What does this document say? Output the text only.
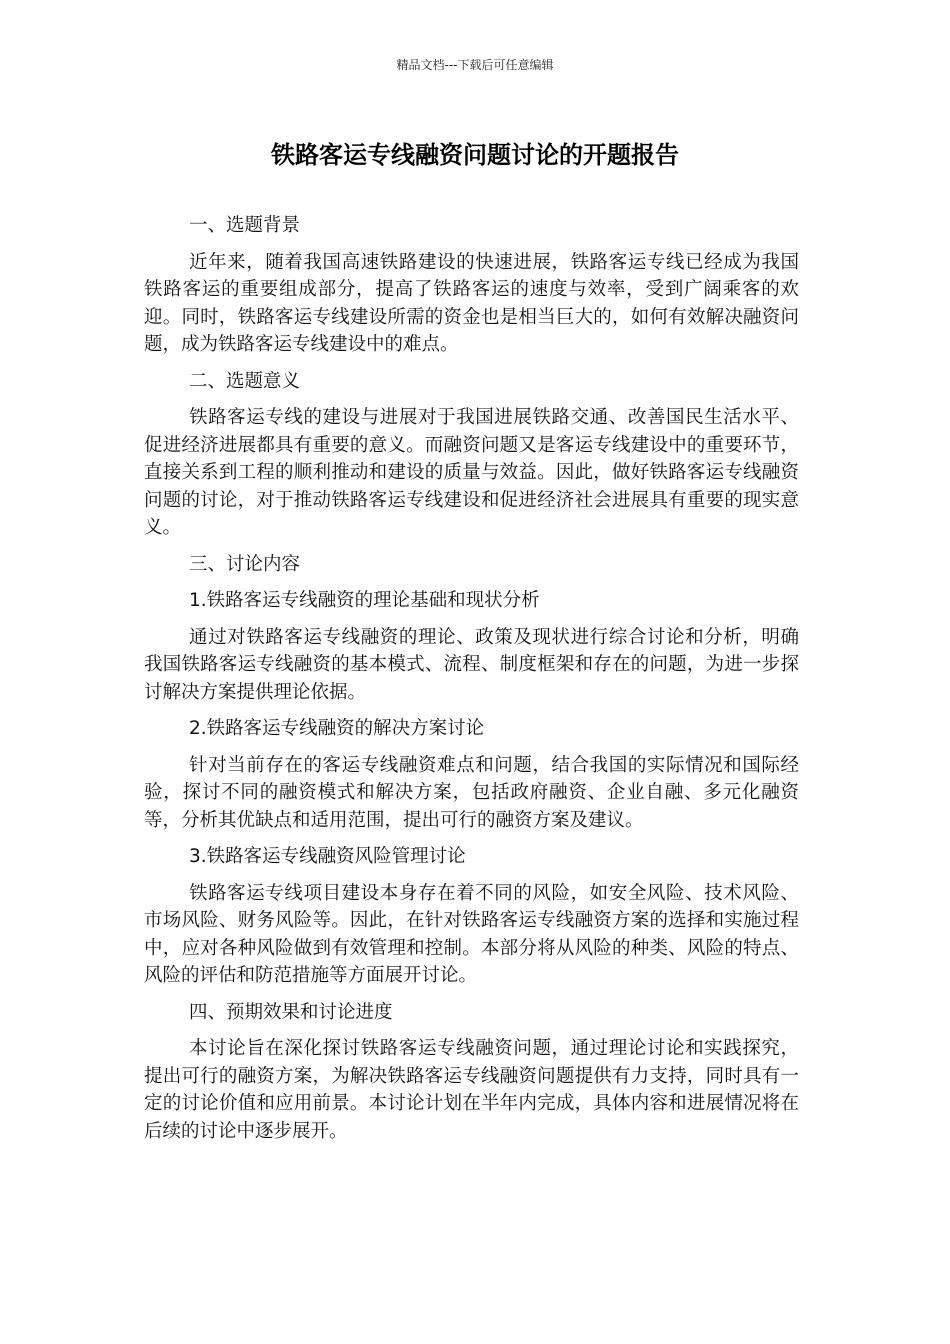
精品文档---下载后可任意编辑
铁路客运专线融资问题讨论的开题报告
一、选题背景

近年来，随着我国高速铁路建设的快速进展，铁路客运专线已经成为我国铁路客运的重要组成部分，提高了铁路客运的速度与效率，受到广阔乘客的欢迎。同时，铁路客运专线建设所需的资金也是相当巨大的，如何有效解决融资问题，成为铁路客运专线建设中的难点。

二、选题意义

铁路客运专线的建设与进展对于我国进展铁路交通、改善国民生活水平、促进经济进展都具有重要的意义。而融资问题又是客运专线建设中的重要环节，直接关系到工程的顺利推动和建设的质量与效益。因此，做好铁路客运专线融资问题的讨论，对于推动铁路客运专线建设和促进经济社会进展具有重要的现实意义。

三、讨论内容
1.铁路客运专线融资的理论基础和现状分析

通过对铁路客运专线融资的理论、政策及现状进行综合讨论和分析，明确我国铁路客运专线融资的基本模式、流程、制度框架和存在的问题，为进一步探讨解决方案提供理论依据。

2.铁路客运专线融资的解决方案讨论

针对当前存在的客运专线融资难点和问题，结合我国的实际情况和国际经验，探讨不同的融资模式和解决方案，包括政府融资、企业自融、多元化融资等，分析其优缺点和适用范围，提出可行的融资方案及建议。

3.铁路客运专线融资风险管理讨论

铁路客运专线项目建设本身存在着不同的风险，如安全风险、技术风险、市场风险、财务风险等。因此，在针对铁路客运专线融资方案的选择和实施过程中，应对各种风险做到有效管理和控制。本部分将从风险的种类、风险的特点、风险的评估和防范措施等方面展开讨论。

四、预期效果和讨论进度

本讨论旨在深化探讨铁路客运专线融资问题，通过理论讨论和实践探究，提出可行的融资方案，为解决铁路客运专线融资问题提供有力支持，同时具有一定的讨论价值和应用前景。本讨论计划在半年内完成，具体内容和进展情况将在后续的讨论中逐步展开。
